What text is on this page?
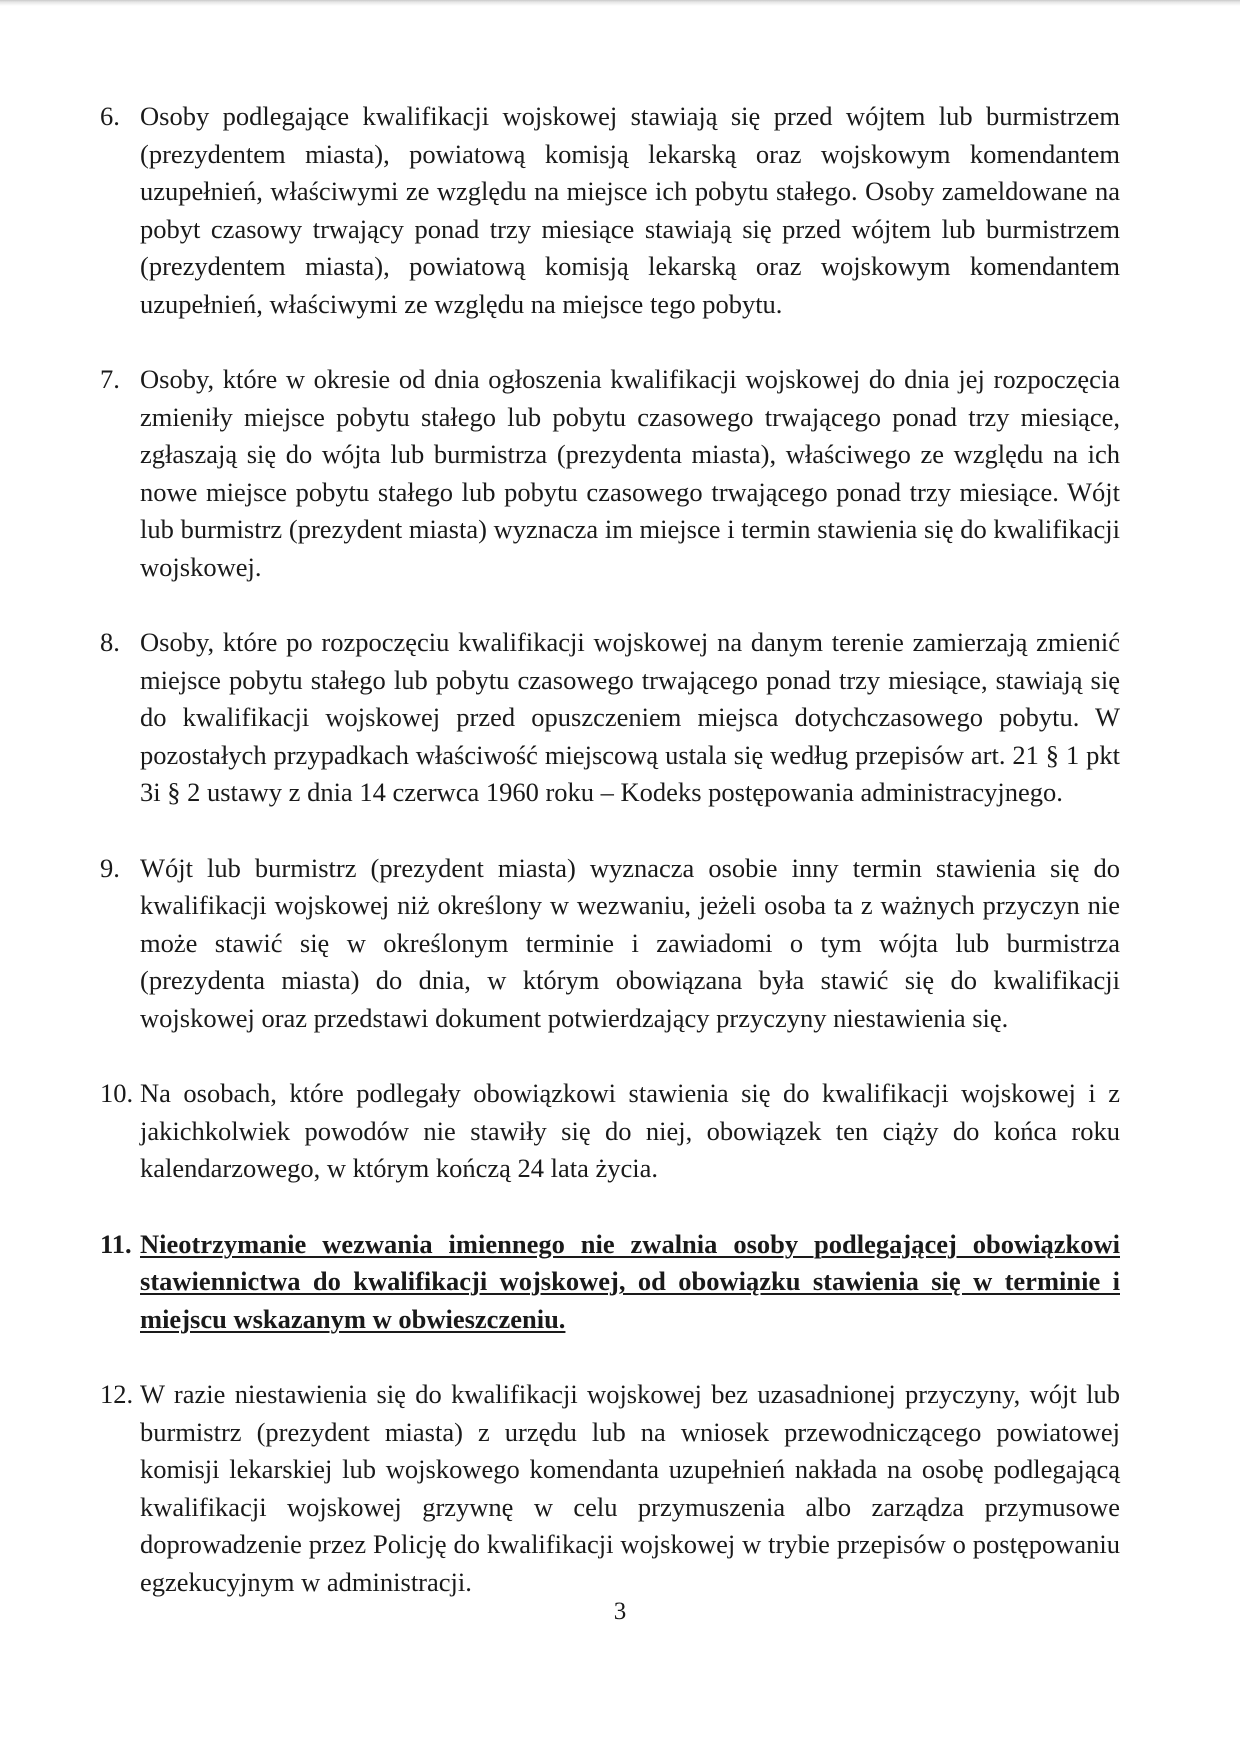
6. Osoby podlegające kwalifikacji wojskowej stawiają się przed wójtem lub burmistrzem (prezydentem miasta), powiatową komisją lekarską oraz wojskowym komendantem uzupełnień, właściwymi ze względu na miejsce ich pobytu stałego. Osoby zameldowane na pobyt czasowy trwający ponad trzy miesiące stawiają się przed wójtem lub burmistrzem (prezydentem miasta), powiatową komisją lekarską oraz wojskowym komendantem uzupełnień, właściwymi ze względu na miejsce tego pobytu.
7. Osoby, które w okresie od dnia ogłoszenia kwalifikacji wojskowej do dnia jej rozpoczęcia zmieniły miejsce pobytu stałego lub pobytu czasowego trwającego ponad trzy miesiące, zgłaszają się do wójta lub burmistrza (prezydenta miasta), właściwego ze względu na ich nowe miejsce pobytu stałego lub pobytu czasowego trwającego ponad trzy miesiące. Wójt lub burmistrz (prezydent miasta) wyznacza im miejsce i termin stawienia się do kwalifikacji wojskowej.
8. Osoby, które po rozpoczęciu kwalifikacji wojskowej na danym terenie zamierzają zmienić miejsce pobytu stałego lub pobytu czasowego trwającego ponad trzy miesiące, stawiają się do kwalifikacji wojskowej przed opuszczeniem miejsca dotychczasowego pobytu. W pozostałych przypadkach właściwość miejscową ustala się według przepisów art. 21 § 1 pkt 3i § 2 ustawy z dnia 14 czerwca 1960 roku – Kodeks postępowania administracyjnego.
9. Wójt lub burmistrz (prezydent miasta) wyznacza osobie inny termin stawienia się do kwalifikacji wojskowej niż określony w wezwaniu, jeżeli osoba ta z ważnych przyczyn nie może stawić się w określonym terminie i zawiadomi o tym wójta lub burmistrza (prezydenta miasta) do dnia, w którym obowiązana była stawić się do kwalifikacji wojskowej oraz przedstawi dokument potwierdzający przyczyny niestawienia się.
10. Na osobach, które podlegały obowiązkowi stawienia się do kwalifikacji wojskowej i z jakichkolwiek powodów nie stawiły się do niej, obowiązek ten ciąży do końca roku kalendarzowego, w którym kończą 24 lata życia.
11. Nieotrzymanie wezwania imiennego nie zwalnia osoby podlegającej obowiązkowi stawiennictwa do kwalifikacji wojskowej, od obowiązku stawienia się w terminie i miejscu wskazanym w obwieszczeniu.
12. W razie niestawienia się do kwalifikacji wojskowej bez uzasadnionej przyczyny, wójt lub burmistrz (prezydent miasta) z urzędu lub na wniosek przewodniczącego powiatowej komisji lekarskiej lub wojskowego komendanta uzupełnień nakłada na osobę podlegającą kwalifikacji wojskowej grzywnę w celu przymuszenia albo zarządza przymusowe doprowadzenie przez Policję do kwalifikacji wojskowej w trybie przepisów o postępowaniu egzekucyjnym w administracji.
3
